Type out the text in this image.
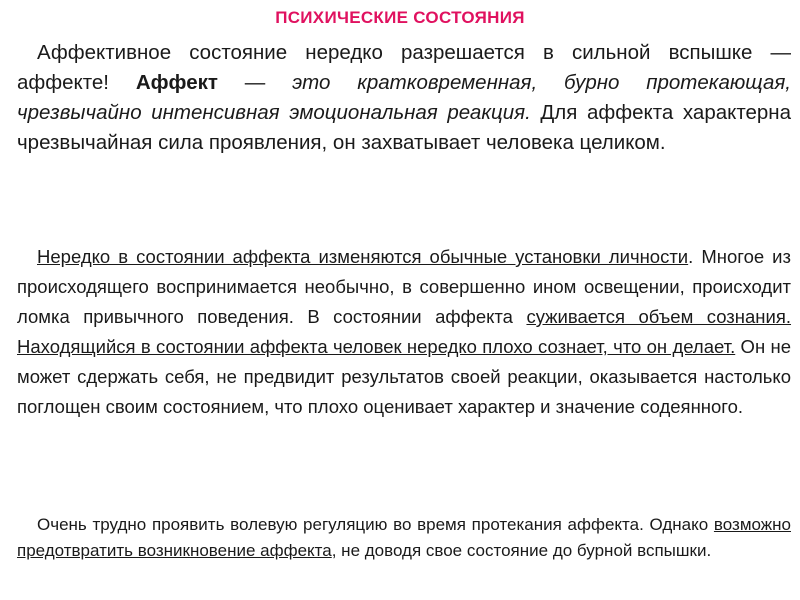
ПСИХИЧЕСКИЕ СОСТОЯНИЯ

Аффективное состояние нередко разрешается в сильной вспышке — аффекте! Аффект — это кратковременная, бурно протекающая, чрезвычайно интенсивная эмоциональная реакция. Для аффекта характерна чрезвычайная сила проявления, он захватывает человека целиком.

Нередко в состоянии аффекта изменяются обычные установки личности. Многое из происходящего воспринимается необычно, в совершенно ином освещении, происходит ломка привычного поведения. В состоянии аффекта суживается объем сознания. Находящийся в состоянии аффекта человек нередко плохо сознает, что он делает. Он не может сдержать себя, не предвидит результатов своей реакции, оказывается настолько поглощен своим состоянием, что плохо оценивает характер и значение содеянного.

Очень трудно проявить волевую регуляцию во время протекания аффекта. Однако возможно предотвратить возникновение аффекта, не доводя свое состояние до бурной вспышки.
